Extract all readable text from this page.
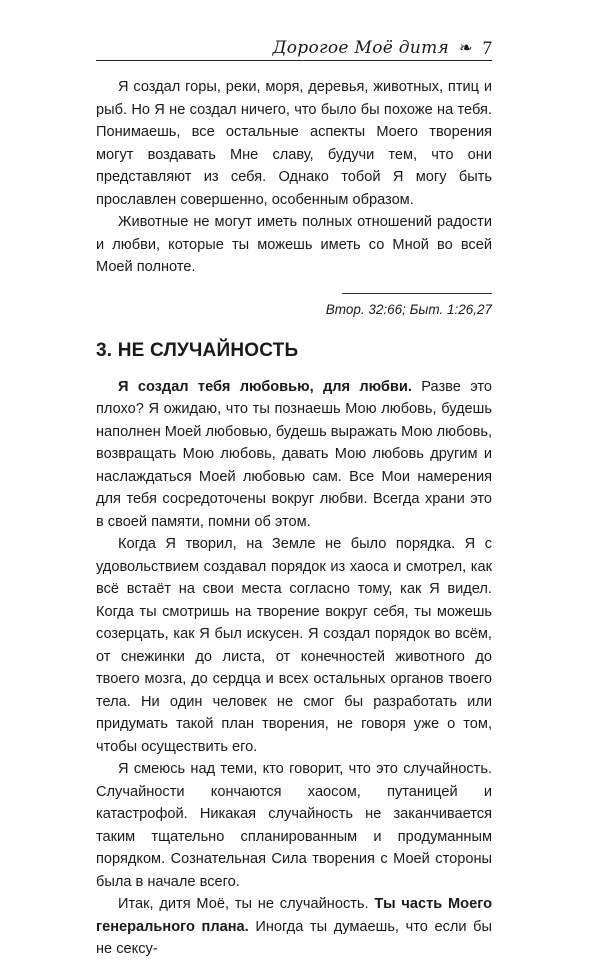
Дорогое Моё дитя ❧ 7

Я создал горы, реки, моря, деревья, животных, птиц и рыб. Но Я не создал ничего, что было бы похоже на тебя. Понимаешь, все остальные аспекты Моего творения могут воздавать Мне славу, будучи тем, что они представляют из себя. Однако тобой Я могу быть прославлен совершенно, особенным образом.

Животные не могут иметь полных отношений радости и любви, которые ты можешь иметь со Мной во всей Моей полноте.

Втор. 32:66; Быт. 1:26,27

3. НЕ СЛУЧАЙНОСТЬ

Я создал тебя любовью, для любви. Разве это плохо? Я ожидаю, что ты познаешь Мою любовь, будешь наполнен Моей любовью, будешь выражать Мою любовь, возвращать Мою любовь, давать Мою любовь другим и наслаждаться Моей любовью сам. Все Мои намерения для тебя сосредоточены вокруг любви. Всегда храни это в своей памяти, помни об этом.

Когда Я творил, на Земле не было порядка. Я с удовольствием создавал порядок из хаоса и смотрел, как всё встаёт на свои места согласно тому, как Я видел. Когда ты смотришь на творение вокруг себя, ты можешь созерцать, как Я был искусен. Я создал порядок во всём, от снежинки до листа, от конечностей животного до твоего мозга, до сердца и всех остальных органов твоего тела. Ни один человек не смог бы разработать или придумать такой план творения, не говоря уже о том, чтобы осуществить его.

Я смеюсь над теми, кто говорит, что это случайность. Случайности кончаются хаосом, путаницей и катастрофой. Никакая случайность не заканчивается таким тщательно спланированным и продуманным порядком. Сознательная Сила творения с Моей стороны была в начале всего.

Итак, дитя Моё, ты не случайность. Ты часть Моего генерального плана. Иногда ты думаешь, что если бы не сексу-
